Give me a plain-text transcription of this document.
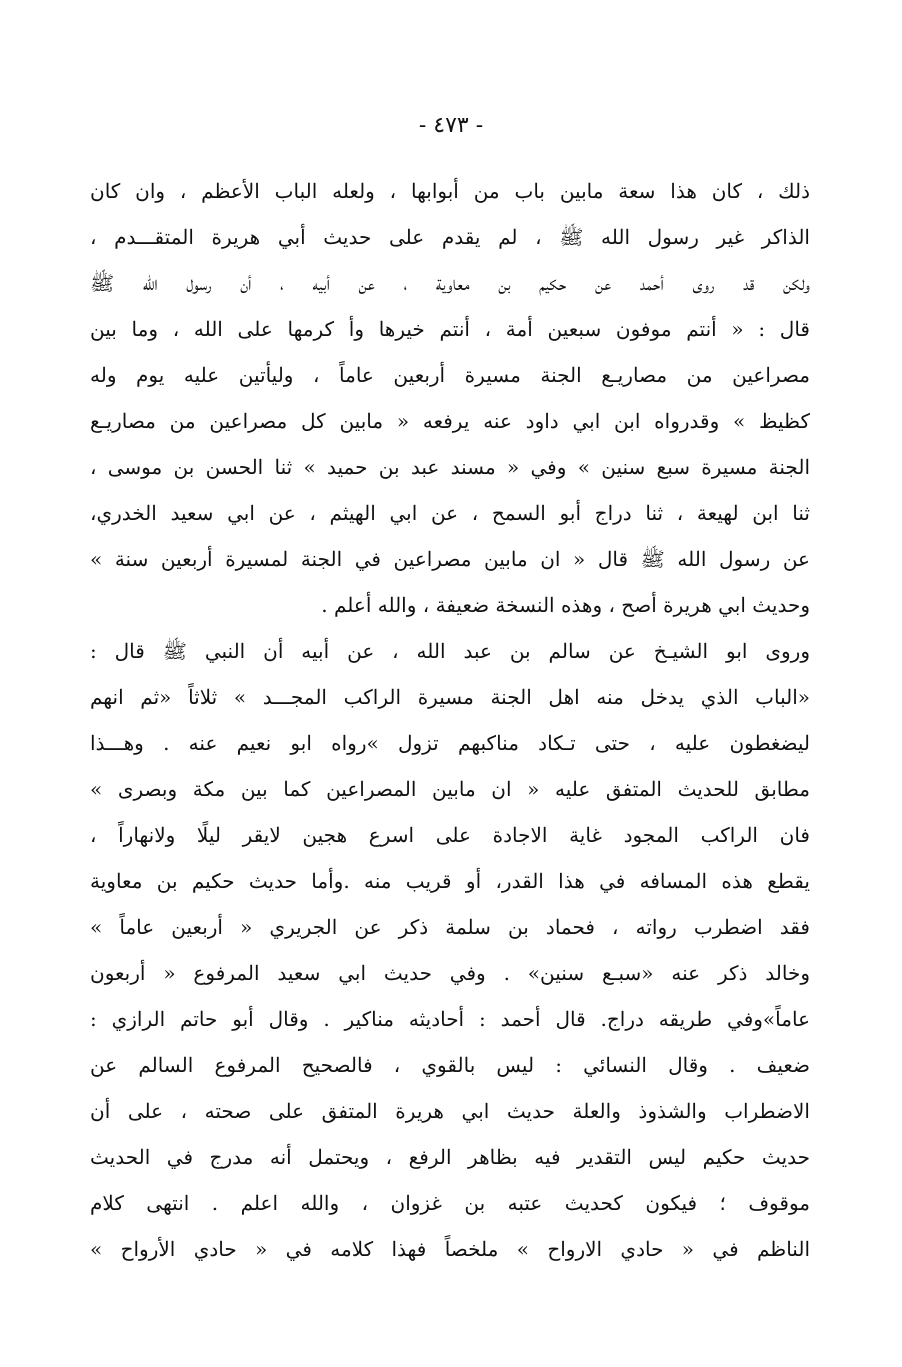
- ٤٧٣ -
ذلك ، كان هذا سعة مابين باب من أبوابها ، ولعله الباب الأعظم ، وان كان
الذاكر غير رسول الله ﷺ ، لم يقدم على حديث أبي هريرة المتقـــدم ،
ولكن قد روى أحمد عن حكيم بن معاوية ، عن أبيه ، أن رسول الله ﷺ
قال : « أنتم موفون سبعين أمة ، أنتم خيرها وأ كرمها على الله ، وما بين
مصراعين من مصاريـع الجنة مسيرة أربعين عاماً ، وليأتين عليه يوم وله
كظيظ » وقدرواه ابن ابي داود عنه يرفعه « مابين كل مصراعين من مصاريـع
الجنة مسيرة سبع سنين » وفي « مسند عبد بن حميد » ثنا الحسن بن موسى ،
ثنا ابن لهيعة ، ثنا دراج أبو السمح ، عن ابي الهيثم ، عن ابي سعيد الخدري،
عن رسول الله ﷺ قال « ان مابين مصراعين في الجنة لمسيرة أربعين سنة »
وحديث ابي هريرة أصح ، وهذه النسخة ضعيفة ، والله أعلم .
وروى ابو الشيـخ عن سالم بن عبد الله ، عن أبيه أن النبي ﷺ قال :
«الباب الذي يدخل منه اهل الجنة مسيرة الراكب المجـــد » ثلاثاً «ثم انهم
ليضغطون عليه ، حتى تـكاد مناكبهم تزول »رواه ابو نعيم عنه . وهـــذا
مطابق للحديث المتفق عليه « ان مابين المصراعين كما بين مكة وبصرى »
فان الراكب المجود غاية الاجادة على اسرع هجين لايقر ليلًا ولانهاراً ،
يقطع هذه المسافه في هذا القدر، أو قريب منه .وأما حديث حكيم بن معاوية
فقد اضطرب رواته ، فحماد بن سلمة ذكر عن الجريري « أربعين عاماً »
وخالد ذكر عنه «سبـع سنين» . وفي حديث ابي سعيد المرفوع « أربعون
عاماً»وفي طريقه دراج. قال أحمد : أحاديثه مناكير . وقال أبو حاتم الرازي :
ضعيف . وقال النسائي : ليس بالقوي ، فالصحيح المرفوع السالم عن
الاضطراب والشذوذ والعلة حديث ابي هريرة المتفق على صحته ، على أن
حديث حكيم ليس التقدير فيه بظاهر الرفع ، ويحتمل أنه مدرج في الحديث
موقوف ؛ فيكون كحديث عتبه بن غزوان ، والله اعلم . انتهى كلام
الناظم في « حادي الارواح » ملخصاً فهذا كلامه في « حادي الأرواح »
